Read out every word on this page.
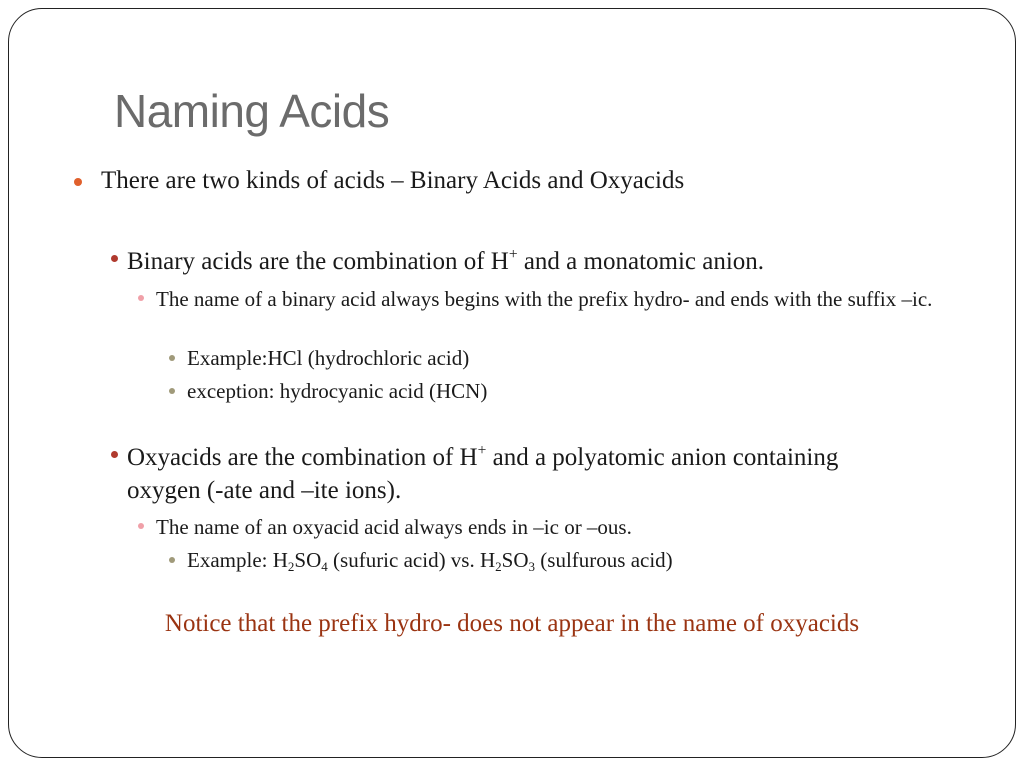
Naming Acids
There are two kinds of acids – Binary Acids and Oxyacids
Binary acids are the combination of H+ and a monatomic anion.
The name of a binary acid always begins with the prefix hydro- and ends with the suffix –ic.
Example:HCl (hydrochloric acid)
exception: hydrocyanic acid (HCN)
Oxyacids are the combination of H+ and a polyatomic anion containing oxygen (-ate and –ite ions).
The name of an oxyacid acid always ends in –ic or –ous.
Example: $H_2SO_4$ (sufuric acid) vs. $H_2SO_3$ (sulfurous acid)
Notice that the prefix hydro- does not appear in the name of oxyacids
